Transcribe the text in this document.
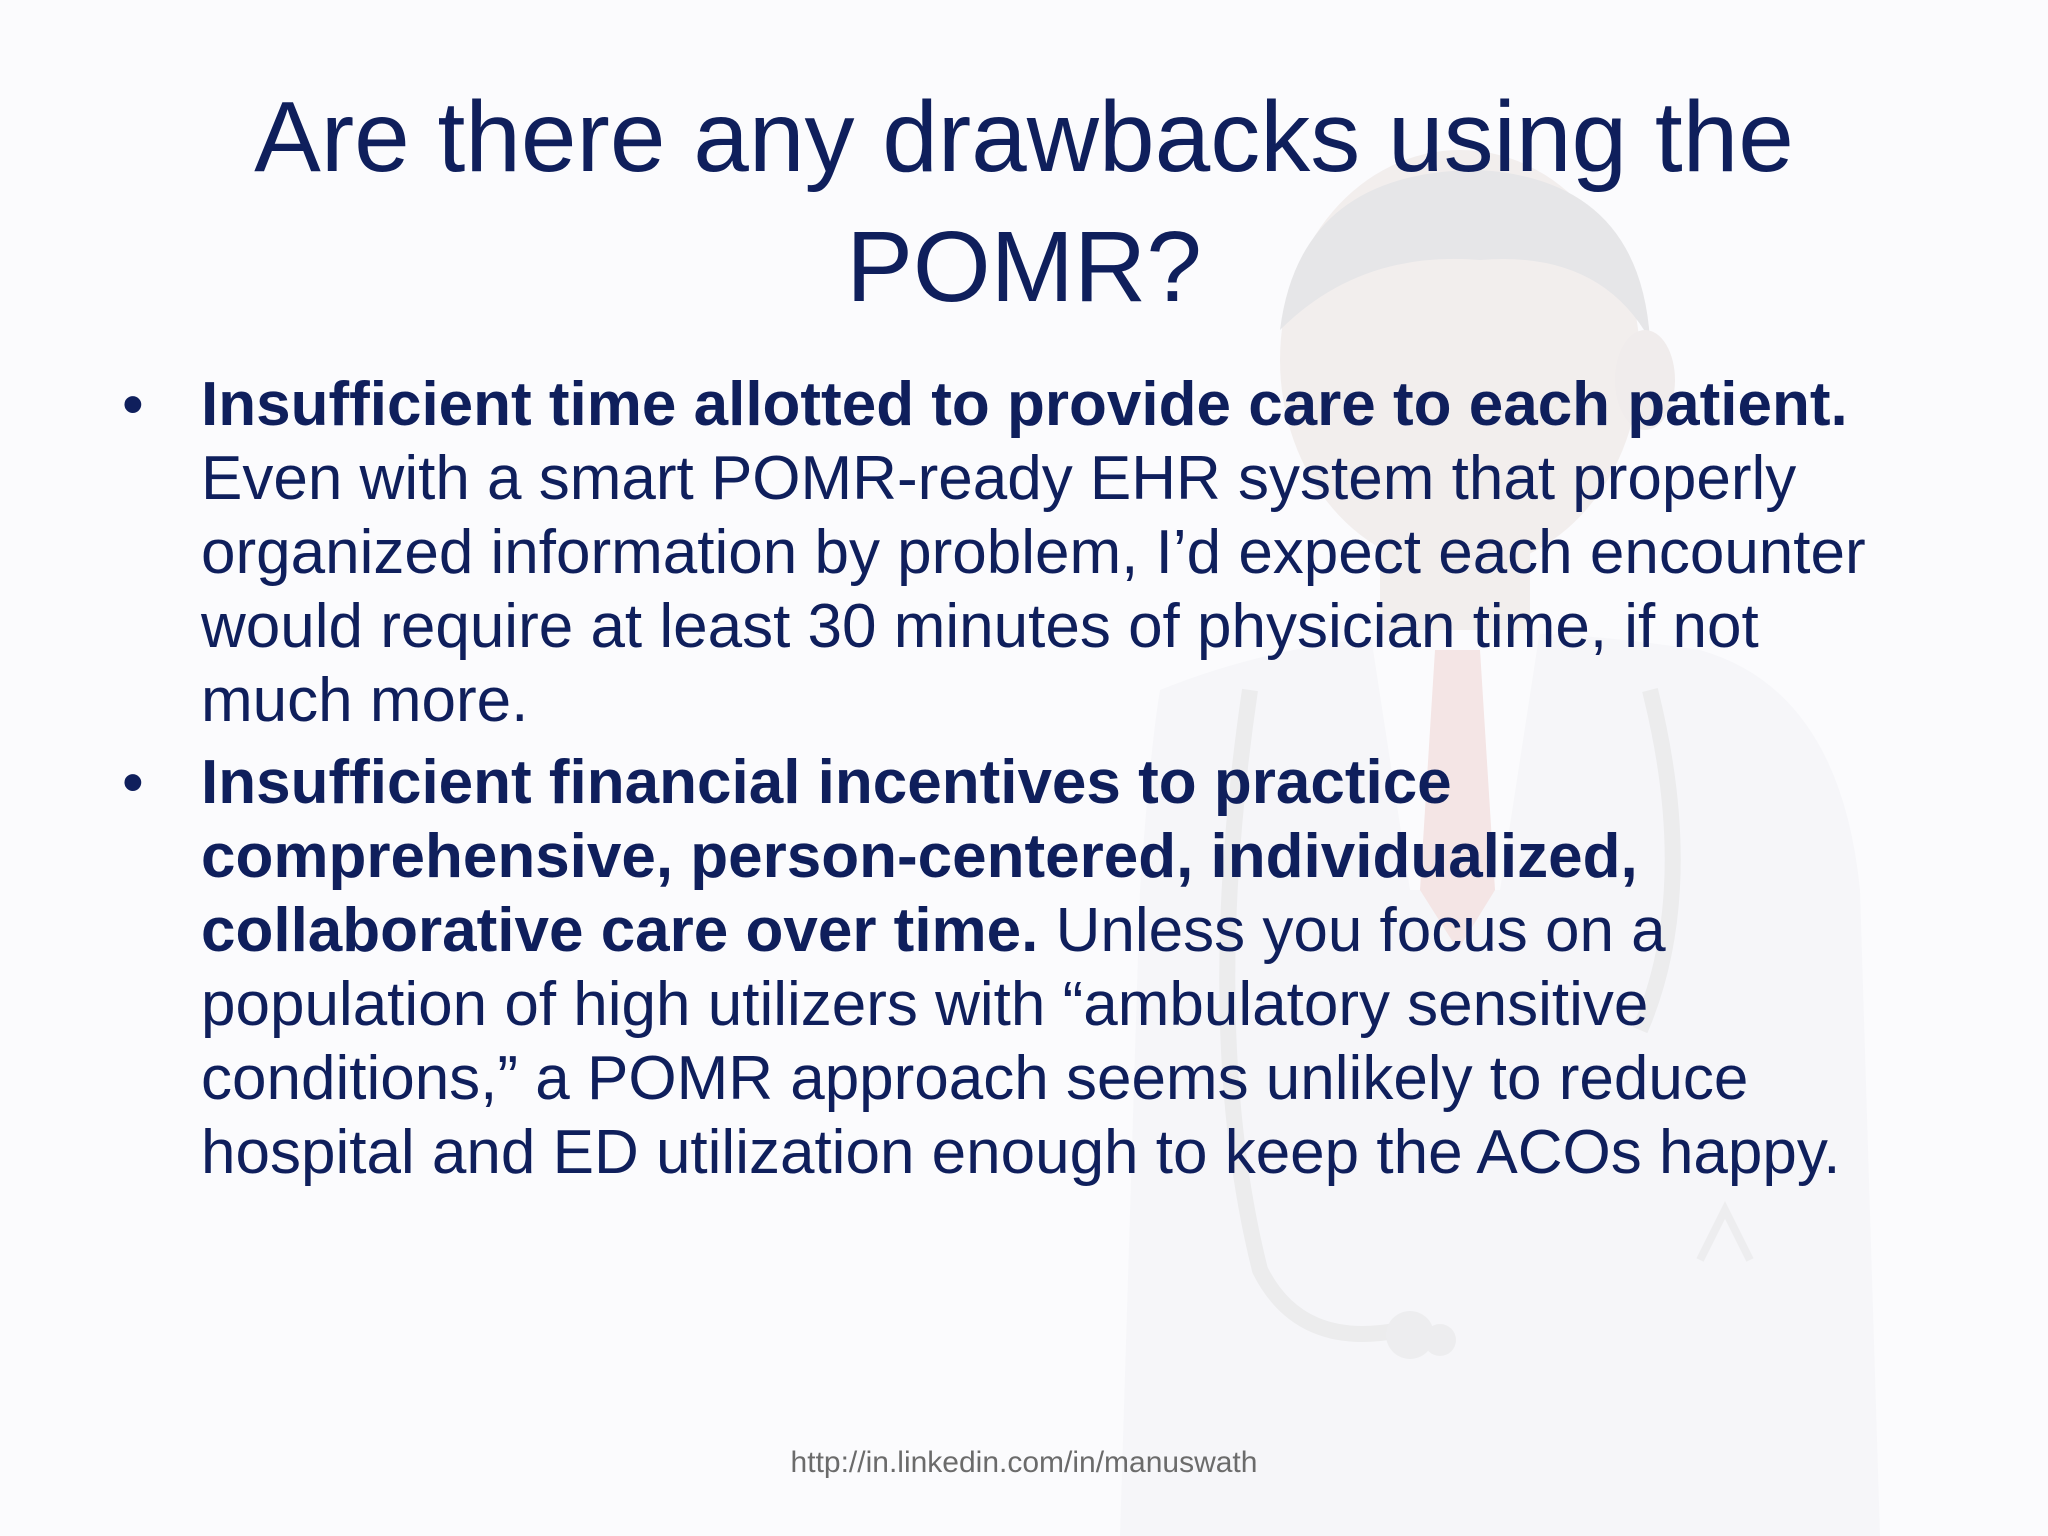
Are there any drawbacks using the
POMR?
• Insufficient time allotted to provide care to each patient. Even with a smart POMR-ready EHR system that properly organized information by problem, I’d expect each encounter would require at least 30 minutes of physician time, if not much more.
• Insufficient financial incentives to practice comprehensive, person-centered, individualized, collaborative care over time. Unless you focus on a population of high utilizers with “ambulatory sensitive conditions,” a POMR approach seems unlikely to reduce hospital and ED utilization enough to keep the ACOs happy.
http://in.linkedin.com/in/manuswath
